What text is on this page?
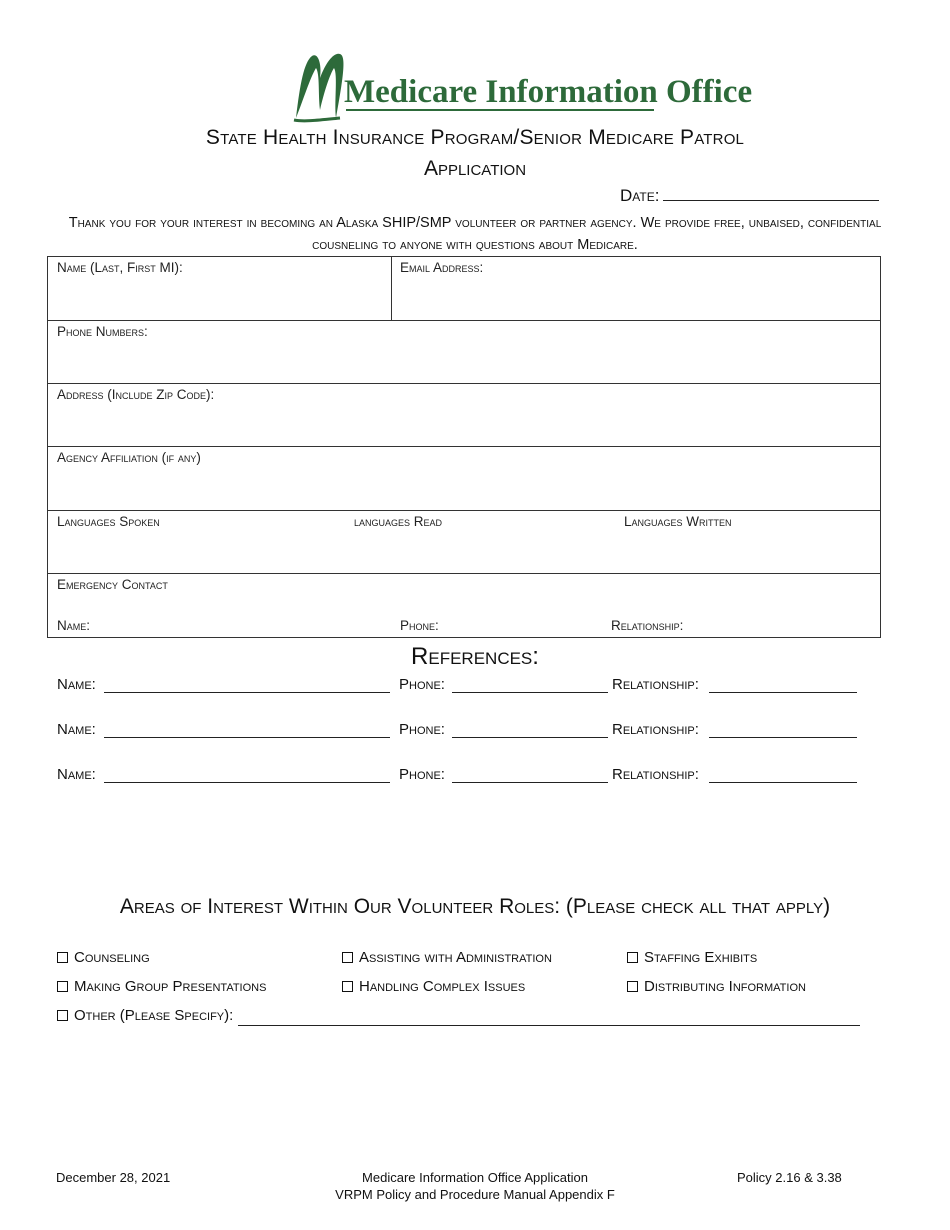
Medicare Information Office
State Health Insurance Program/Senior Medicare Patrol
Application
Date:
Thank you for your interest in becoming an Alaska SHIP/SMP volunteer or partner agency. We provide free, unbaised, confidential cousneling to anyone with questions about Medicare.
Name (Last, First MI):	Email Address:
Phone Numbers:
Address (Include Zip Code):
Agency Affiliation (if any)
Languages Spoken	languages Read	Languages Written
Emergency Contact
Name:	Phone:	Relationship:
References:
Name:	Phone:	Relationship:
Name:	Phone:	Relationship:
Name:	Phone:	Relationship:
Areas of Interest Within Our Volunteer Roles: (Please check all that apply)
Counseling	Assisting with Administration	Staffing Exhibits
Making Group Presentations	Handling Complex Issues	Distributing Information
Other (Please Specify):
December 28, 2021	Medicare Information Office Application
VRPM Policy and Procedure Manual Appendix F
Policy 2.16 & 3.38
